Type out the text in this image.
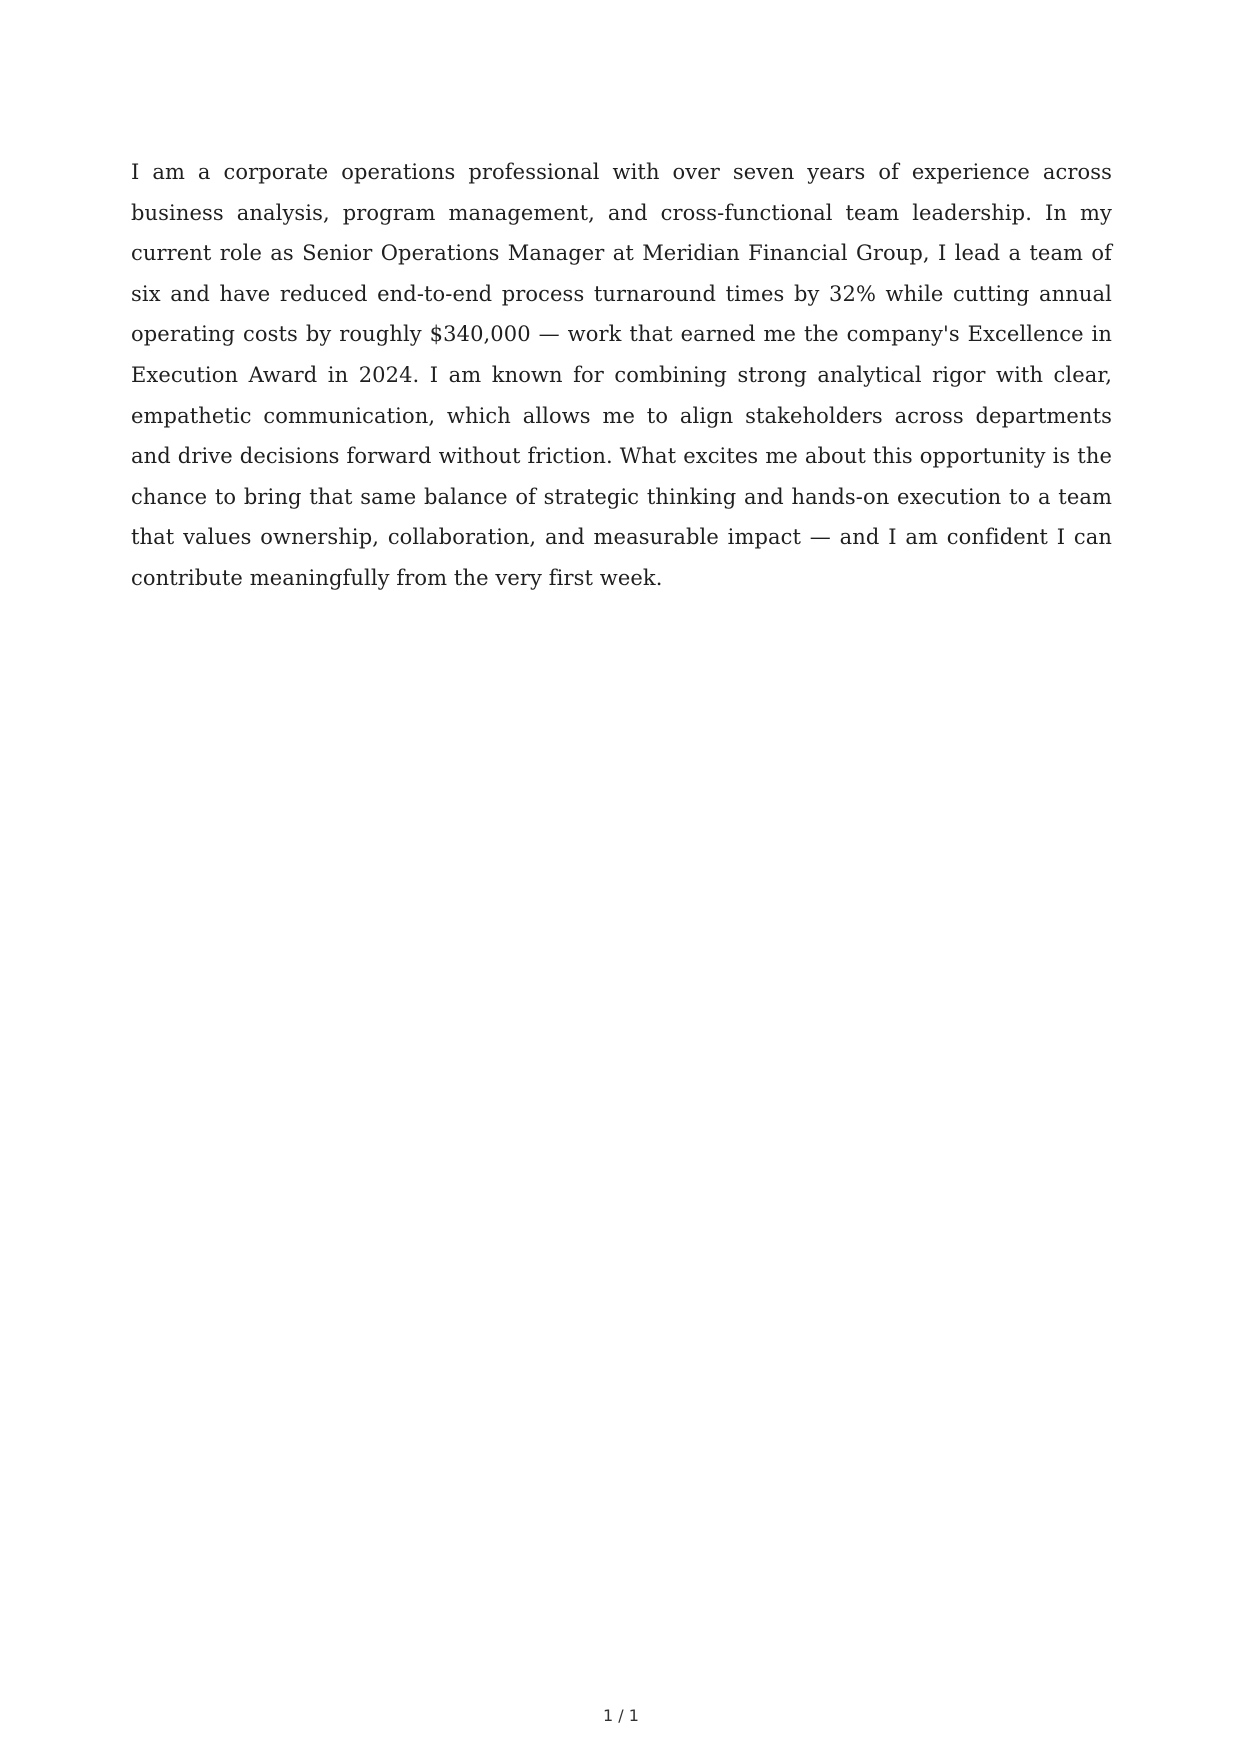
I am a corporate operations professional with over seven years of experience across business analysis, program management, and cross-functional team leadership. In my current role as Senior Operations Manager at Meridian Financial Group, I lead a team of six and have reduced end-to-end process turnaround times by 32% while cutting annual operating costs by roughly $340,000 — work that earned me the company's Excellence in Execution Award in 2024. I am known for combining strong analytical rigor with clear, empathetic communication, which allows me to align stakeholders across departments and drive decisions forward without friction. What excites me about this opportunity is the chance to bring that same balance of strategic thinking and hands-on execution to a team that values ownership, collaboration, and measurable impact — and I am confident I can contribute meaningfully from the very first week.

1 / 1
